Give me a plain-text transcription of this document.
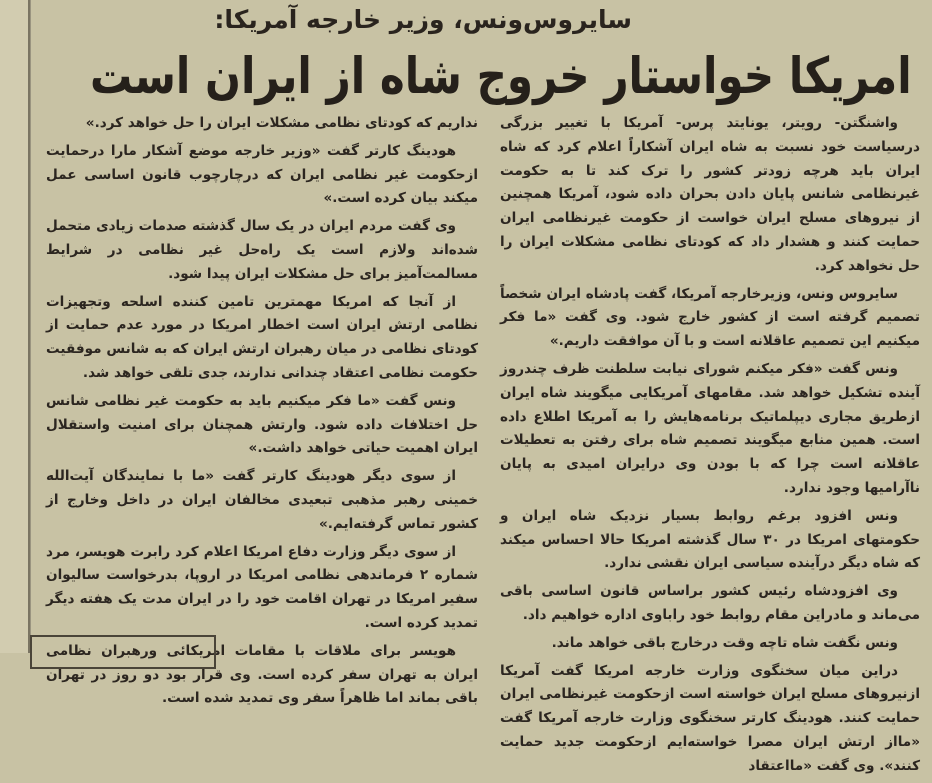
سایروس‌ونس، وزیر خارجه آمریکا:
امریکا خواستار خروج شاه از ایران است

واشنگتن- رویتر، یونایتد پرس- آمریکا با تغییر بزرگی درسیاست خود نسبت به شاه ایران آشکاراً اعلام کرد که شاه ایران باید هرچه زودتر کشور را ترک کند تا به حکومت غیرنظامی شانس پایان دادن بحران داده شود، آمریکا همچنین از نیروهای مسلح ایران خواست از حکومت غیرنظامی ایران حمایت کنند و هشدار داد که کودتای نظامی مشکلات ایران را حل نخواهد کرد.

سایروس ونس، وزیرخارجه آمریکا، گفت پادشاه ایران شخصاً تصمیم گرفته است از کشور خارج شود. وی گفت «ما فکر میکنیم این تصمیم عاقلانه است و با آن موافقت داریم.»

ونس گفت «فکر میکنم شورای نیابت سلطنت ظرف چندروز آینده تشکیل خواهد شد. مقامهای آمریکایی میگویند شاه ایران ازطریق مجاری دیپلماتیک برنامه‌هایش را به آمریکا اطلاع داده است. همین منابع میگویند تصمیم شاه برای رفتن به تعطیلات عاقلانه است چرا که با بودن وی درایران امیدی به پایان ناآرامیها وجود ندارد.

ونس افزود برغم روابط بسیار نزدیک شاه ایران و حکومتهای امریکا در ۳۰ سال گذشته امریکا حالا احساس میکند که شاه دیگر درآینده سیاسی ایران نقشی ندارد.

وی افزودشاه رئیس کشور براساس قانون اساسی باقی می‌ماند و مادراین مقام روابط خود راباوی اداره خواهیم داد.

ونس نگفت شاه تاچه وقت درخارج باقی خواهد ماند.

دراین میان سخنگوی وزارت خارجه امریکا گفت آمریکا ازنیروهای مسلح ایران خواسته است ازحکومت غیرنظامی ایران حمایت کنند. هودینگ کارتر سخنگوی وزارت خارجه آمریکا گفت «مااز ارتش ایران مصرا خواسته‌ایم ازحکومت جدید حمایت کنند». وی گفت «مااعتقاد

نداریم که کودتای نظامی مشکلات ایران را حل خواهد کرد.»

هودینگ کارتر گفت «وزیر خارجه موضع آشکار مارا درحمایت ازحکومت غیر نظامی ایران که درچارچوب قانون اساسی عمل میکند بیان کرده است.»

وی گفت مردم ایران در یک سال گذشته صدمات زیادی متحمل شده‌اند ولازم است یک راه‌حل غیر نظامی در شرایط مسالمت‌آمیز برای حل مشکلات ایران پیدا شود.

از آنجا که امریکا مهمترین تامین کننده اسلحه وتجهیزات نظامی ارتش ایران است اخطار امریکا در مورد عدم حمایت از کودتای نظامی در میان رهبران ارتش ایران که به شانس موفقیت حکومت نظامی اعتقاد چندانی ندارند، جدی تلقی خواهد شد.

ونس گفت «ما فکر میکنیم باید به حکومت غیر نظامی شانس حل اختلافات داده شود. وارتش همچنان برای امنیت واستقلال ایران اهمیت حیاتی خواهد داشت.»

از سوی دیگر هودینگ کارتر گفت «ما با نمایندگان آیت‌الله خمینی رهبر مذهبی تبعیدی مخالفان ایران در داخل وخارج از کشور تماس گرفته‌ایم.»

از سوی دیگر وزارت دفاع امریکا اعلام کرد رابرت هویسر، مرد شماره ۲ فرماندهی نظامی امریکا در اروپا، بدرخواست سالیوان سفیر امریکا در تهران اقامت خود را در ایران مدت یک هفته دیگر تمدید کرده است.

هویسر برای ملاقات با مقامات امریکائی ورهبران نظامی ایران به تهران سفر کرده است. وی قرار بود دو روز در تهران باقی بماند اما ظاهراً سفر وی تمدید شده است.
